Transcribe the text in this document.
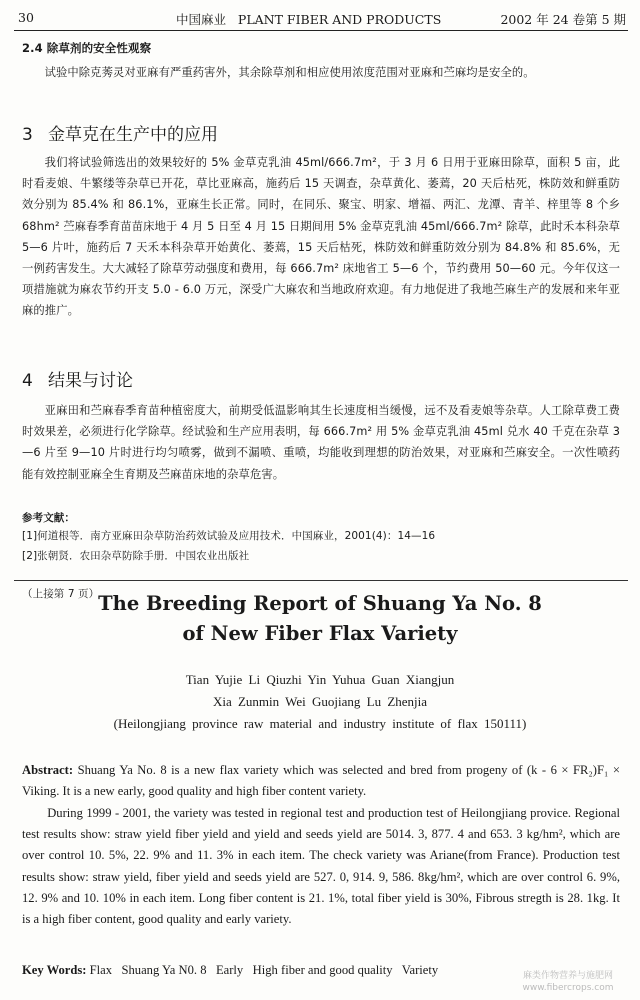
30	中国麻业   PLANT FIBER AND PRODUCTS	2002 年 24 卷第 5 期
2.4 除草剂的安全性观察

试验中除克莠灵对亚麻有严重药害外，其余除草剂和相应使用浓度范围对亚麻和苎麻均是安全的。

3 金草克在生产中的应用

我们将试验筛选出的效果较好的 5% 金草克乳油 45ml/666.7m²，于 3 月 6 日用于亚麻田除草，面积 5 亩，此时看麦娘、牛繁缕等杂草已开花，草比亚麻高，施药后 15 天调查，杂草黄化、萎蔫，20 天后枯死，株防效和鲜重防效分别为 85.4% 和 86.1%，亚麻生长正常。同时，在同乐、聚宝、明家、增福、两汇、龙潭、青羊、梓里等 8 个乡 68hm² 苎麻春季育苗苗床地于 4 月 5 日至 4 月 15 日期间用 5% 金草克乳油 45ml/666.7m² 除草，此时禾本科杂草 5—6 片叶，施药后 7 天禾本科杂草开始黄化、萎蔫，15 天后枯死，株防效和鲜重防效分别为 84.8% 和 85.6%，无一例药害发生。大大减轻了除草劳动强度和费用，每 666.7m² 床地省工 5—6 个，节约费用 50—60 元。今年仅这一项措施就为麻农节约开支 5.0 - 6.0 万元，深受广大麻农和当地政府欢迎。有力地促进了我地苎麻生产的发展和来年亚麻的推广。

4 结果与讨论

亚麻田和苎麻春季育苗种植密度大，前期受低温影响其生长速度相当缓慢，远不及看麦娘等杂草。人工除草费工费时效果差，必须进行化学除草。经试验和生产应用表明，每 666.7m² 用 5% 金草克乳油 45ml 兑水 40 千克在杂草 3—6 片至 9—10 片时进行均匀喷雾，做到不漏喷、重喷，均能收到理想的防治效果，对亚麻和苎麻安全。一次性喷药能有效控制亚麻全生育期及苎麻苗床地的杂草危害。

参考文献：
[1]何道根等．南方亚麻田杂草防治药效试验及应用技术．中国麻业，2001(4)：14—16
[2]张朝贤．农田杂草防除手册．中国农业出版社
（上接第 7 页）
The Breeding Report of Shuang Ya No. 8
of New Fiber Flax Variety
Tian Yujie Li Qiuzhi Yin Yuhua Guan Xiangjun
Xia Zunmin Wei Guojiang Lu Zhenjia
(Heilongjiang province raw material and industry institute of flax 150111)

Abstract: Shuang Ya No. 8 is a new flax variety which was selected and bred from progeny of (k - 6 × FR₂)F₁ × Viking. It is a new early, good quality and high fiber content variety.

During 1999 - 2001, the variety was tested in regional test and production test of Heilongjiang provice. Regional test results show: straw yield fiber yield and yield and seeds yield are 5014. 3, 877. 4 and 653. 3 kg/hm², which are over control 10. 5%, 22. 9% and 11. 3% in each item. The check variety was Ariane(from France). Production test results show: straw yield, fiber yield and seeds yield are 527. 0, 914. 9, 586. 8kg/hm², which are over control 6. 9%, 12. 9% and 10. 10% in each item. Long fiber content is 21. 1%, total fiber yield is 30%, Fibrous stregth is 28. 1kg. It is a high fiber content, good quality and early variety.

Key Words: Flax   Shuang Ya N0. 8   Early   High fiber and good quality   Variety	麻类作物营养与施肥网
www.fibercrops.com
